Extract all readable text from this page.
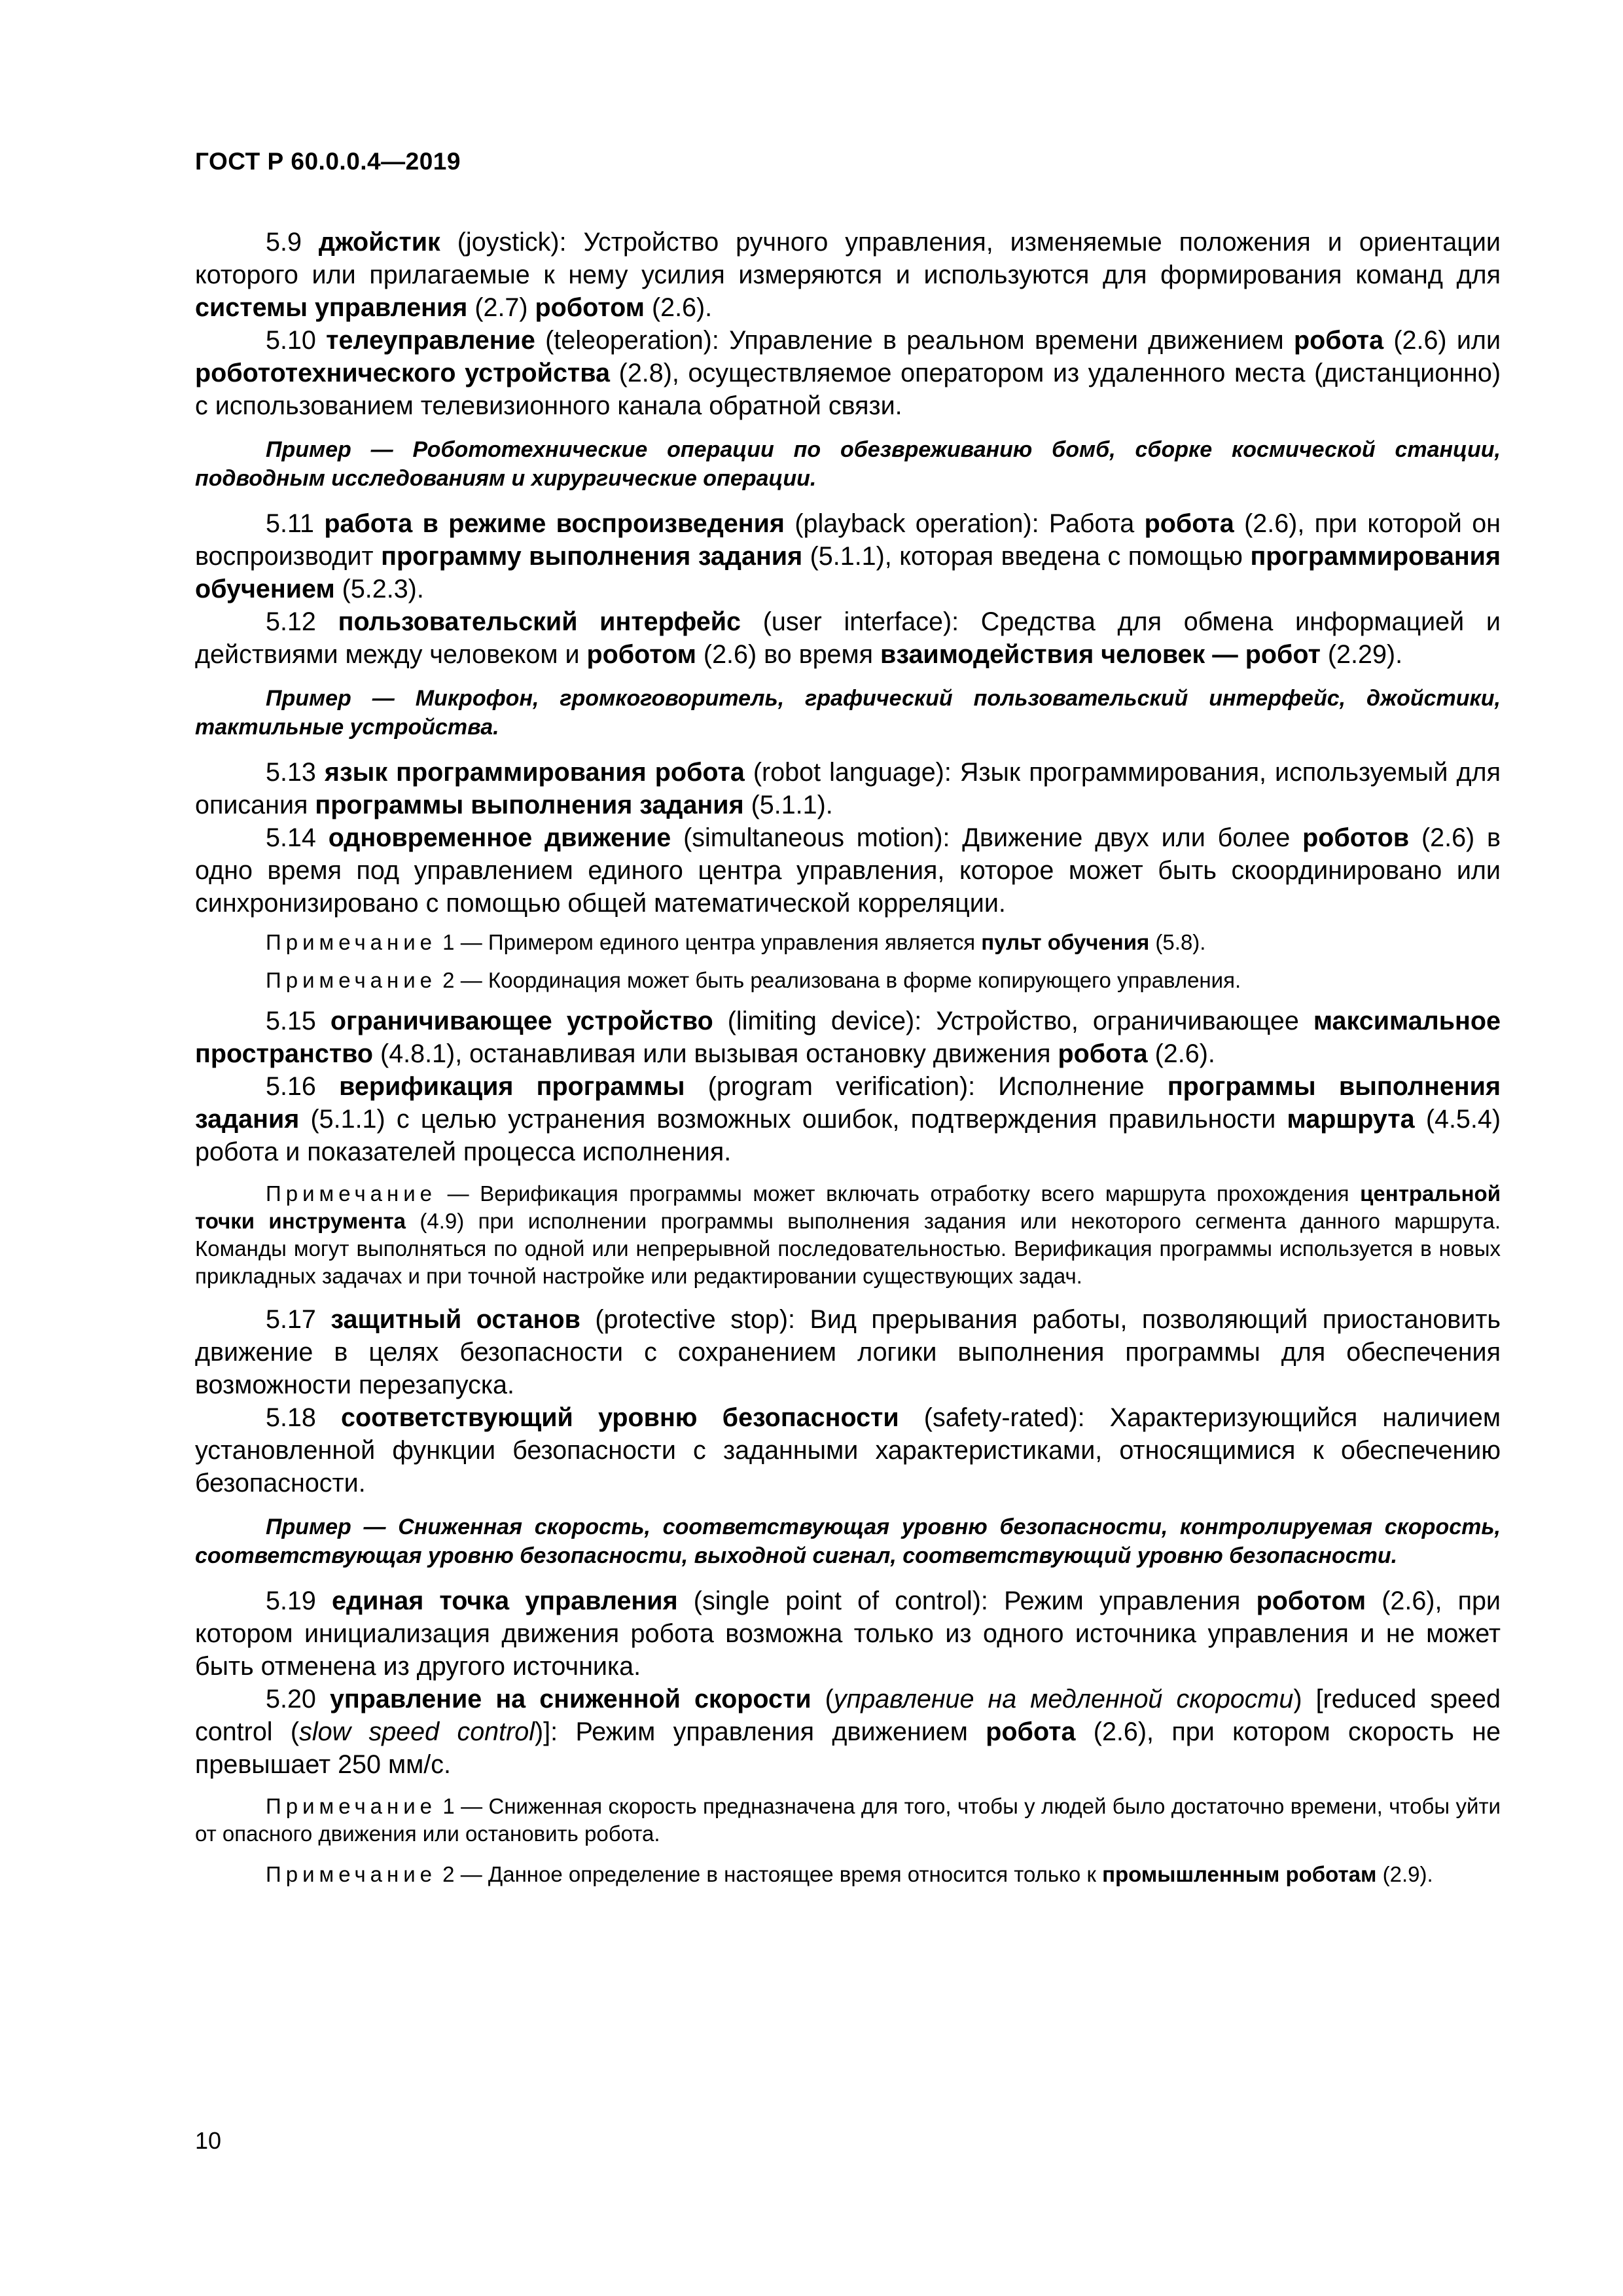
ГОСТ Р 60.0.0.4—2019

5.9 джойстик (joystick): Устройство ручного управления, изменяемые положения и ориентации которого или прилагаемые к нему усилия измеряются и используются для формирования команд для системы управления (2.7) роботом (2.6).

5.10 телеуправление (teleoperation): Управление в реальном времени движением робота (2.6) или робототехнического устройства (2.8), осуществляемое оператором из удаленного места (дистанционно) с использованием телевизионного канала обратной связи.

Пример — Робототехнические операции по обезвреживанию бомб, сборке космической станции, подводным исследованиям и хирургические операции.

5.11 работа в режиме воспроизведения (playback operation): Работа робота (2.6), при которой он воспроизводит программу выполнения задания (5.1.1), которая введена с помощью программирования обучением (5.2.3).

5.12 пользовательский интерфейс (user interface): Средства для обмена информацией и действиями между человеком и роботом (2.6) во время взаимодействия человек — робот (2.29).

Пример — Микрофон, громкоговоритель, графический пользовательский интерфейс, джойстики, тактильные устройства.

5.13 язык программирования робота (robot language): Язык программирования, используемый для описания программы выполнения задания (5.1.1).

5.14 одновременное движение (simultaneous motion): Движение двух или более роботов (2.6) в одно время под управлением единого центра управления, которое может быть скоординировано или синхронизировано с помощью общей математической корреляции.

Примечание 1 — Примером единого центра управления является пульт обучения (5.8).

Примечание 2 — Координация может быть реализована в форме копирующего управления.

5.15 ограничивающее устройство (limiting device): Устройство, ограничивающее максимальное пространство (4.8.1), останавливая или вызывая остановку движения робота (2.6).

5.16 верификация программы (program verification): Исполнение программы выполнения задания (5.1.1) с целью устранения возможных ошибок, подтверждения правильности маршрута (4.5.4) робота и показателей процесса исполнения.

Примечание — Верификация программы может включать отработку всего маршрута прохождения центральной точки инструмента (4.9) при исполнении программы выполнения задания или некоторого сегмента данного маршрута. Команды могут выполняться по одной или непрерывной последовательностью. Верификация программы используется в новых прикладных задачах и при точной настройке или редактировании существующих задач.

5.17 защитный останов (protective stop): Вид прерывания работы, позволяющий приостановить движение в целях безопасности с сохранением логики выполнения программы для обеспечения возможности перезапуска.

5.18 соответствующий уровню безопасности (safety-rated): Характеризующийся наличием установленной функции безопасности с заданными характеристиками, относящимися к обеспечению безопасности.

Пример — Сниженная скорость, соответствующая уровню безопасности, контролируемая скорость, соответствующая уровню безопасности, выходной сигнал, соответствующий уровню безопасности.

5.19 единая точка управления (single point of control): Режим управления роботом (2.6), при котором инициализация движения робота возможна только из одного источника управления и не может быть отменена из другого источника.

5.20 управление на сниженной скорости (управление на медленной скорости) [reduced speed control (slow speed control)]: Режим управления движением робота (2.6), при котором скорость не превышает 250 мм/с.

Примечание 1 — Сниженная скорость предназначена для того, чтобы у людей было достаточно времени, чтобы уйти от опасного движения или остановить робота.

Примечание 2 — Данное определение в настоящее время относится только к промышленным роботам (2.9).

10
